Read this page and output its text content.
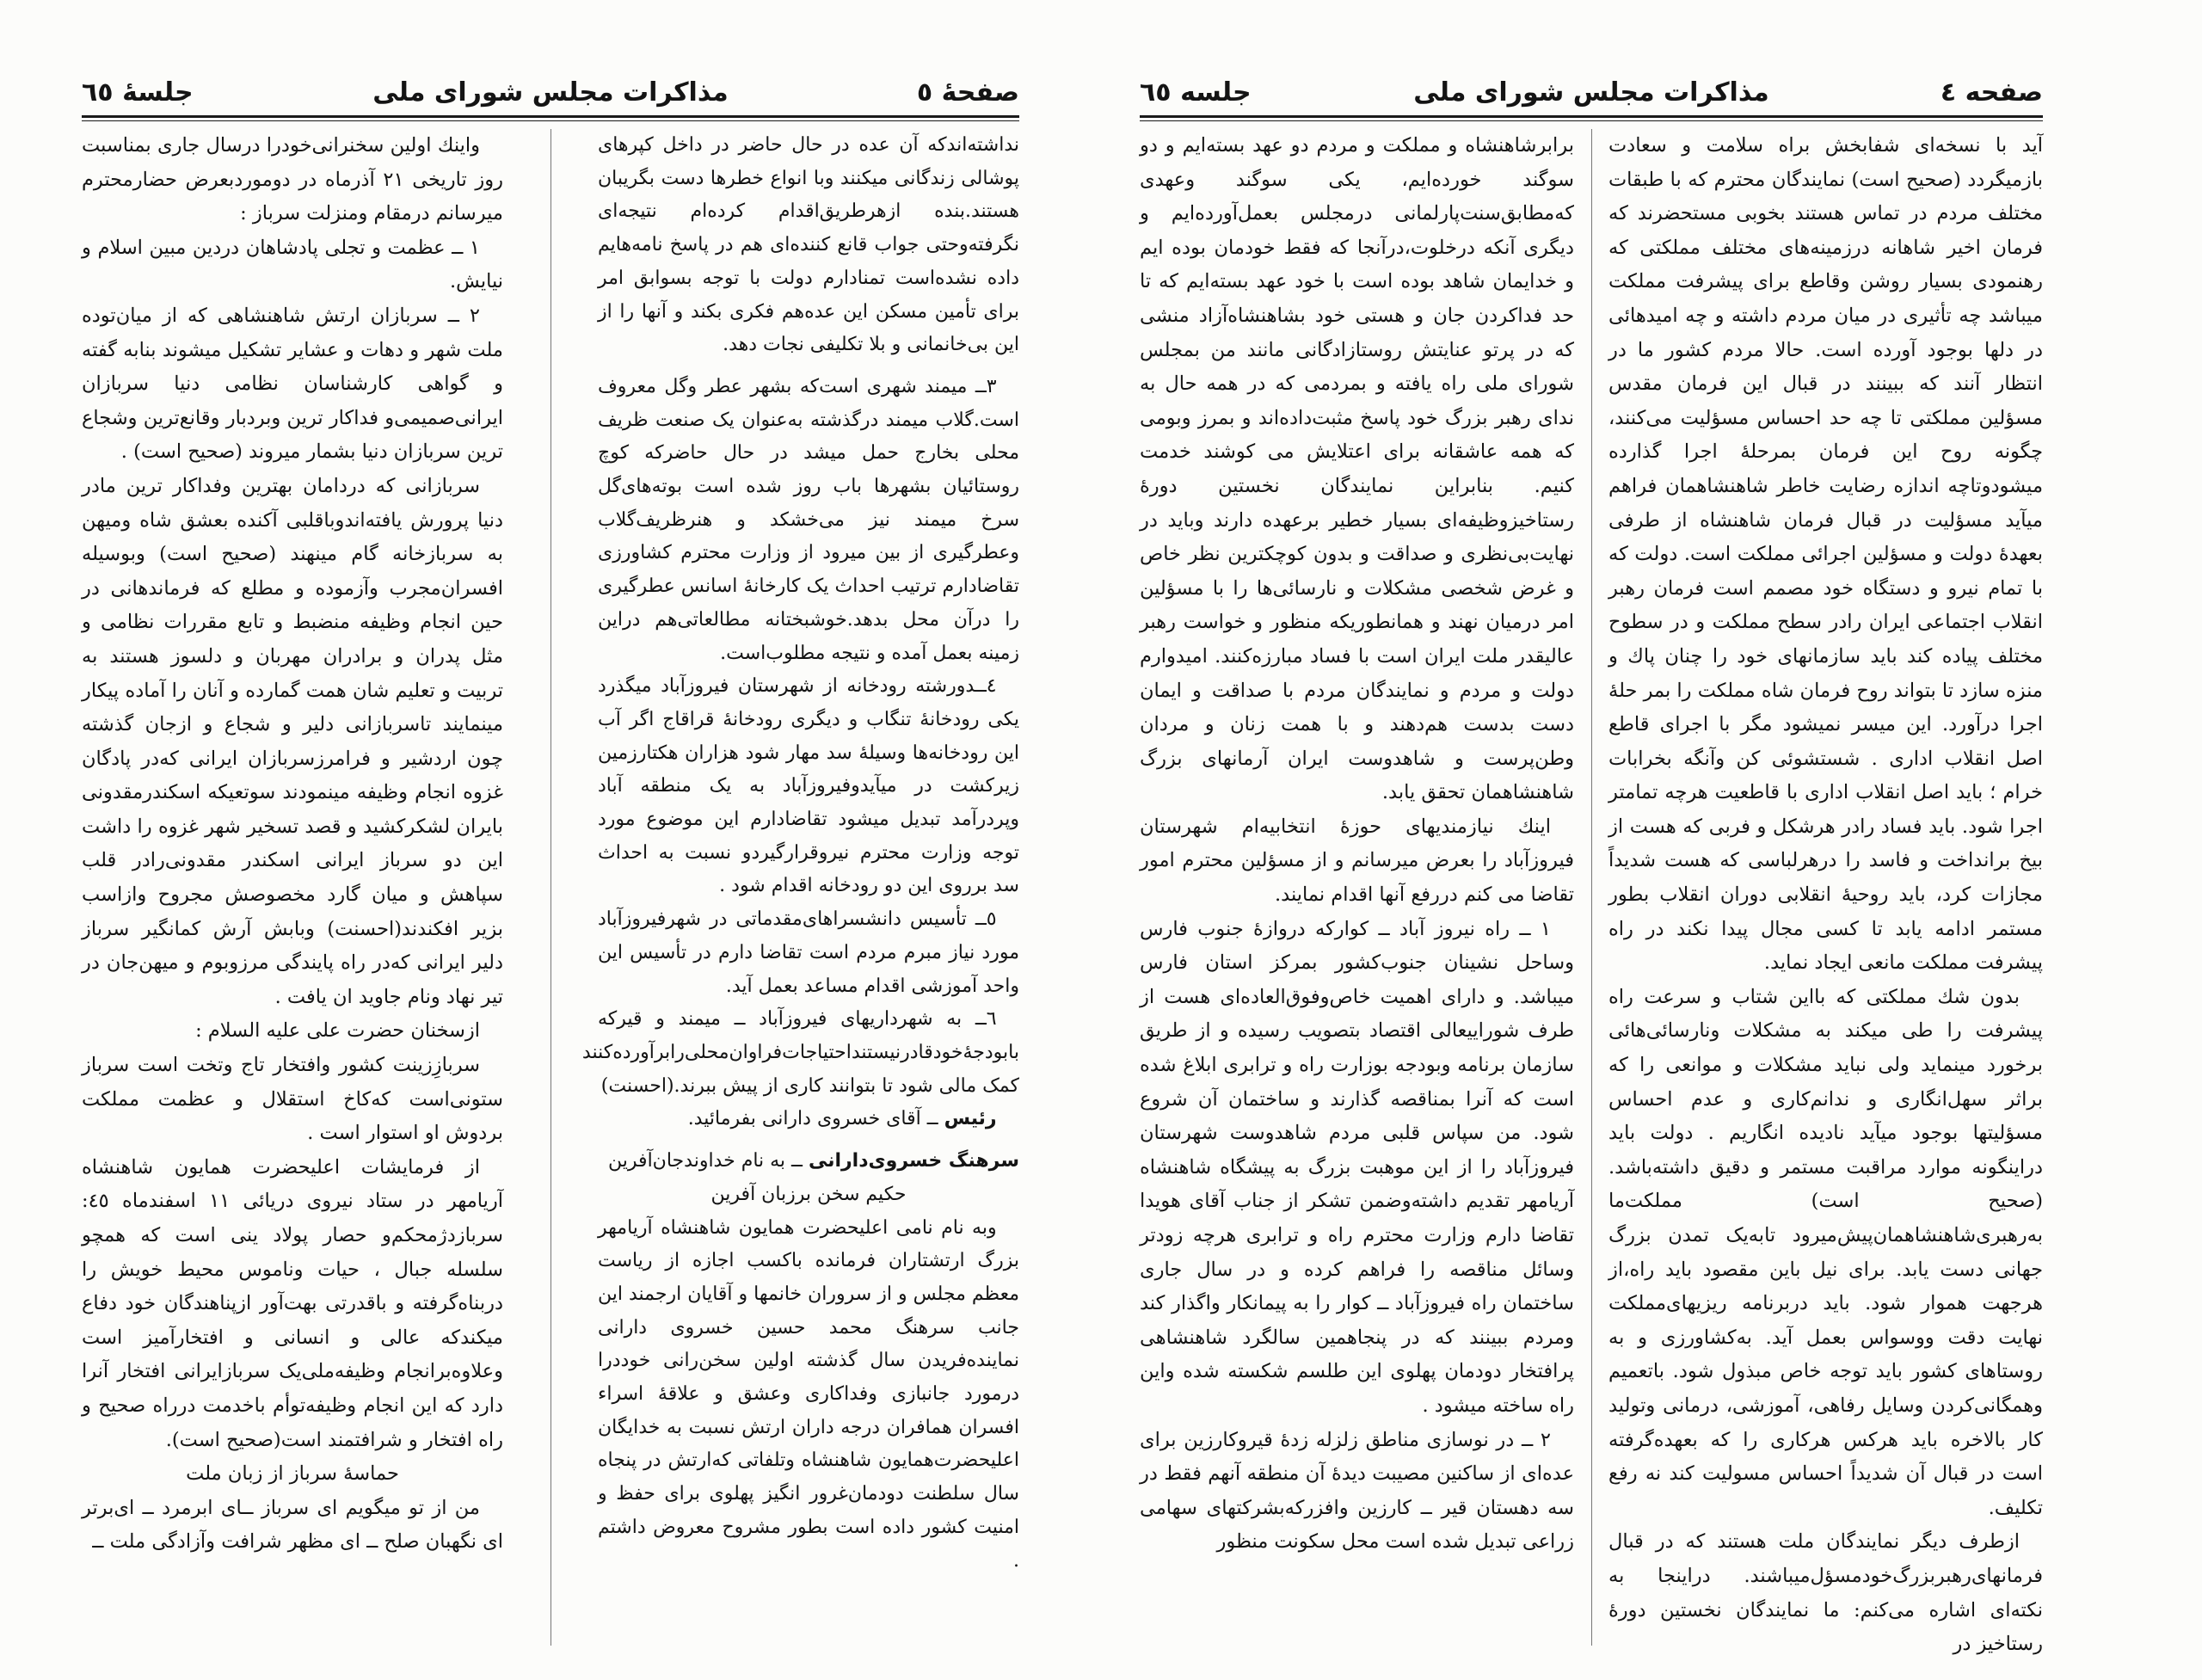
صفحهٔ ٥
مذاکرات مجلس شورای ملی
جلسهٔ ٦٥

نداشته‌اندکه آن عده در حال حاضر در داخل کپرهای پوشالی زندگانی میکنند وبا انواع خطرها دست بگریبان هستند.بنده ازهرطریق‌اقدام کرده‌ام نتیجه‌ای نگرفته‌وحتی جواب قانع کننده‌ای هم در پاسخ نامه‌هایم داده نشده‌است تمنادارم دولت با توجه بسوابق امر برای تأمین مسکن این عده‌هم فکری بکند و آنها را از این بی‌خانمانی و بلا تکلیفی نجات دهد.

٣ــ میمند شهری است‌که بشهر عطر وگل معروف است.گلاب میمند درگذشته به‌عنوان یک صنعت ظریف محلی بخارج حمل میشد در حال حاضرکه کوچ روستائیان بشهرها باب روز شده است بوته‌های‌گل سرخ میمند نیز می‌خشکد و هنرظریف‌گلاب وعطرگیری از بین میرود از وزارت محترم کشاورزی تقاضادارم ترتیب احداث یک کارخانهٔ اسانس عطرگیری را درآن محل بدهد.خوشبختانه مطالعاتی‌هم دراین زمینه بعمل آمده و نتیجه مطلوب‌است.

٤ــدورشته رودخانه از شهرستان فیروزآباد میگذرد یکی رودخانهٔ تنگاب و دیگری رودخانهٔ قراقاج اگر آب این رودخانه‌ها وسیلهٔ سد مهار شود هزاران هکتارزمین زیرکشت در میآیدوفیروزآباد به یک منطقه آباد وپردرآمد تبدیل میشود تقاضادارم این موضوع مورد توجه وزارت محترم نیروقرارگیردو نسبت به احداث سد برروی این دو رودخانه اقدام شود .

٥ــ تأسیس دانشسراهای‌مقدماتی در شهرفیروزآباد مورد نیاز مبرم مردم است تقاضا دارم در تأسیس این واحد آموزشی اقدام مساعد بعمل آید.

٦ــ به شهرداریهای فیروزآباد ــ میمند و قیرکه بابودجهٔ‌خودقادرنیستنداحتیاجات‌فراوان‌محلی‌رابرآورده‌کنند کمک مالی شود تا بتوانند کاری از پیش ببرند.(احسنت)

رئیس ــ آقای خسروی دارانی بفرمائید.

سرهنگ خسروی‌دارانی ــ به نام خداوندجان‌آفرین
حکیم سخن برزبان آفرین

وبه نام نامی اعلیحضرت همایون شاهنشاه آریامهر بزرگ ارتشتاران فرمانده باکسب اجازه از ریاست معظم مجلس و از سروران خانمها و آقایان ارجمند این جانب سرهنگ محمد حسین خسروی دارانی نماینده‌فریدن سال گذشته اولین سخن‌رانی خوددرا درمورد جانبازی وفداکاری وعشق و علاقهٔ اسراء افسران همافران درجه داران ارتش نسبت به خدایگان اعلیحضرت‌همایون شاهنشاه وتلفاتی که‌ارتش در پنجاه سال سلطنت دودمان‌غرور انگیز پهلوی برای حفظ و امنیت کشور داده است بطور مشروح معروض داشتم .

واینك اولین سخنرانی‌خودرا درسال جاری بمناسبت روز تاریخی ٢١ آذرماه در دوموردبعرض حضارمحترم میرسانم درمقام ومنزلت سرباز :

١ ــ عظمت و تجلی پادشاهان دردین مبین اسلام و نیایش.

٢ ــ سربازان ارتش شاهنشاهی که از میان‌توده ملت شهر و دهات و عشایر تشکیل میشوند بنابه گفته و گواهی کارشناسان نظامی دنیا سربازان ایرانی‌صمیمی‌و فداکار ترین وبردبار وقانع‌ترین وشجاع ترین سربازان دنیا بشمار میروند (صحیح است) .

سربازانی که درداما‌ن بهترین وفداکار ترین مادر دنیا پرورش یافته‌اندوباقلبی آکنده بعشق شاه ومیهن به سربازخانه گام مینهند (صحیح است) وبوسیله افسران‌مجرب وآزموده و مطلع که فرماندهانی در حین انجام وظیفه منضبط و تابع مقررات نظامی و مثل پدران و برادران مهربان و دلسوز هستند به تربیت و تعلیم شان همت گمارده و آنان را آماده پیکار مینمایند تاسربازانی دلیر و شجاع و ازجان گذشته چون اردشیر و فرامرزسربازان ایرانی که‌در پادگان غزوه انجام وظیفه مینمودند سوتعیکه اسکندرمقدونی بایران لشکرکشید و قصد تسخیر شهر غزوه را داشت این دو سرباز ایرانی اسکندر مقدونی‌رادر قلب سپاهش و میان گارد مخصوصش مجروح وازاسب بزیر افکندند(احسنت) وبابش آرش کمانگیر سرباز دلیر ایرانی که‌در راه پایندگی مرزوبوم و میهن‌جان در تیر نهاد ونام جاوید ان یافت .

ازسخنان حضرت علی علیه السلام :

سربازِزینت کشور وافتخار تاج وتخت است سرباز ستونی‌است که‌کاخ استقلال و عظمت مملکت بردوش او استوار است .

از فرمایشات اعلیحضرت همایون شاهنشاه آریامهر در ستاد نیروی دریائی ١١ اسفندماه ٤٥: سربازدژمحکم‌و حصار پولاد ینی است که همچو سلسله جبال ، حیات وناموس محیط خویش را دربناه‌گرفته و باقدرتی بهت‌آور ازپناهندگان خود دفاع میکندکه عالی و انسانی و افتخارآمیز است وعلاوه‌برانجام وظیفه‌ملی‌یک سربازایرانی افتخار آنرا دارد که این انجام وظیفه‌توأم باخدمت درراه صحیح و راه افتخار و شرافتمند است(صحیح است).

حماسهٔ سرباز از زبان ملت

من از تو میگویم ای سرباز ــای ابرمرد ــ ای‌برتر ای نگهبان صلح ــ ای مظهر شرافت وآزادگی ملت ــ

صفحه ٤
مذاکرات مجلس شورای ملی
جلسه ٦٥

آید با نسخه‌ای شفابخش براه سلامت و سعادت بازمیگردد (صحیح است) نمایندگان محترم که با طبقات مختلف مردم در تماس هستند بخوبی مستحضرند که فرمان اخیر شاهانه درزمینه‌های مختلف مملکتی که رهنمودی بسیار روشن وقاطع برای پیشرفت مملکت میباشد چه تأثیری در میان مردم داشته و چه امیدهائی در دلها بوجود آورده است. حالا مردم کشور ما در انتظار آنند که ببینند در قبال این فرمان مقدس مسؤلین مملکتی تا چه حد احساس مسؤلیت می‌کنند، چگونه روح این فرمان بمرحلهٔ اجرا گذارده میشودوتاچه اندازه رضایت خاطر شاهنشاهمان فراهم میآید مسؤلیت در قبال فرمان شاهنشاه از طرفی بعهدهٔ دولت و مسؤلین اجرائی مملکت است. دولت که با تمام نیرو و دستگاه خود مصمم است فرمان رهبر انقلاب اجتماعی ایران رادر سطح مملکت و در سطوح مختلف پیاده کند باید سازمانهای خود را چنان پاك و منزه سازد تا بتواند روح فرمان شاه مملکت را بمر حلهٔ اجرا درآورد. این میسر نمیشود مگر با اجرای قاطع اصل انقلاب اداری . شستشوئی کن وآنگه بخرابات خرام ؛ باید اصل انقلاب اداری با قاطعیت هرچه تمامتر اجرا شود. باید فساد رادر هرشکل و فربی که هست از بیخ برانداخت و فاسد را درهرلباسی که هست شدیداً مجازات کرد، باید روحیهٔ انقلابی دوران انقلاب بطور مستمر ادامه یابد تا کسی مجال پیدا نکند در راه پیشرفت مملکت مانعی ایجاد نماید.

بدون شك مملکتی که بااین شتاب و سرعت راه پیشرفت را طی میکند به مشکلات ونارسائی‌هائی برخورد مینماید ولی نباید مشکلات و موانعی را که براثر سهل‌انگاری و ندانم‌کاری و عدم احساس مسؤلیتها بوجود میآید نادیده انگاریم . دولت باید دراینگونه موارد مراقبت مستمر و دقیق داشته‌باشد. (صحیح است) مملکت‌ما به‌رهبری‌شاهنشاهمان‌پیش‌میرود تابه‌یک تمدن بزرگ جهانی دست یابد. برای نیل باین مقصود باید راه،از هرجهت هموار شود. باید دربرنامه ریزیهای‌مملکت نهایت دقت ووسواس بعمل آید. به‌کشاورزی و به روستاهای کشور باید توجه خاص مبذول شود. باتعمیم وهمگانی‌کردن وسایل رفاهی، آموزشی، درمانی وتولید کار بالاخره باید هرکس هرکاری را که بعهده‌گرفته است در قبال آن شدیداً احساس مسولیت کند نه رفع تکلیف.

ازطرف دیگر نمایندگان ملت هستند که در قبال فرمانهای‌رهبربزرگ‌خودمسؤل‌میباشند. دراینجا به نکته‌ای اشاره می‌کنم: ما نمایندگان نخستین دورهٔ رستاخیز در

برابرشاهنشاه و مملکت و مردم دو عهد بسته‌ایم و دو سوگند خورده‌ایم، یکی سوگند وعهدی که‌مطابق‌سنت‌پارلمانی درمجلس بعمل‌آورده‌ایم و دیگری آنکه درخلوت،درآنجا که فقط خودمان بوده ایم و خدایمان شاهد بوده است با خود عهد بسته‌ایم که تا حد فداکردن جان و هستی خود بشاهنشاه‌آزاد منشی که در پرتو عنایتش روستازادگانی مانند من بمجلس شورای ملی راه یافته و بمردمی که در همه حال به ندای رهبر بزرگ خود پاسخ مثبت‌داده‌اند و بمرز وبومی که همه عاشقانه برای اعتلایش می کوشند خدمت کنیم. بنابراین نمایندگان نخستین دورهٔ رستاخیزوظیفه‌ای بسیار خطیر برعهده دارند وباید در نهایت‌بی‌نظری و صداقت و بدون کوچکترین نظر خاص و غرض شخصی مشکلات و نارسائی‌ها را با مسؤلین امر درمیان نهند و همانطوریکه منظور و خواست رهبر عالیقدر ملت ایران است با فساد مبارزه‌کنند. امیدوارم دولت و مردم و نمایندگان مردم با صداقت و ایمان دست بدست هم‌دهند و با همت زنان و مردان وطن‌پرست و شاهدوست ایران آرمانهای بزرگ شاهنشاهمان تحقق یابد.

اینك نیازمندیهای حوزهٔ انتخابیه‌ام شهرستان فیروزآباد را بعرض میرسانم و از مسؤلین محترم امور تقاضا می کنم دررفع آنها اقدام نمایند.

١ ــ راه نیروز آباد ــ کوارکه دروازهٔ جنوب فارس وساحل نشینان جنوب‌کشور بمرکز استان فارس میباشد. و دارای اهمیت خاص‌وفوق‌العاده‌ای هست از طرف شوراییعالی اقتصاد بتصویب رسیده و از طریق سازمان برنامه وبودجه بوزارت راه و ترابری ابلاغ شده است که آنرا بمناقصه گذارند و ساختمان آن شروع شود. من سپاس قلبی مردم شاهدوست شهرستان فیروزآباد را از این موهبت بزرگ به پیشگاه شاهنشاه آریامهر تقدیم داشته‌وضمن تشکر از جناب آقای هویدا تقاضا دارم وزارت محترم راه و ترابری هرچه زودتر وسائل مناقصه را فراهم کرده و در سال جاری ساختمان راه فیروزآباد ــ کوار را به پیمانکار واگذار کند ومردم ببینند که در پنجاهمین سالگرد شاهنشاهی پرافتخار دودمان پهلوی این طلسم شکسته شده واین راه ساخته میشود .

٢ ــ در نوسازی مناطق زلزله زدهٔ قیروکارزین برای عده‌ای از ساکنین مصیبت دیدهٔ آن منطقه آنهم فقط در سه دهستان قیر ــ کارزین وافزرکه‌بشرکتهای سهامی زراعی تبدیل شده است محل سکونت منظور
